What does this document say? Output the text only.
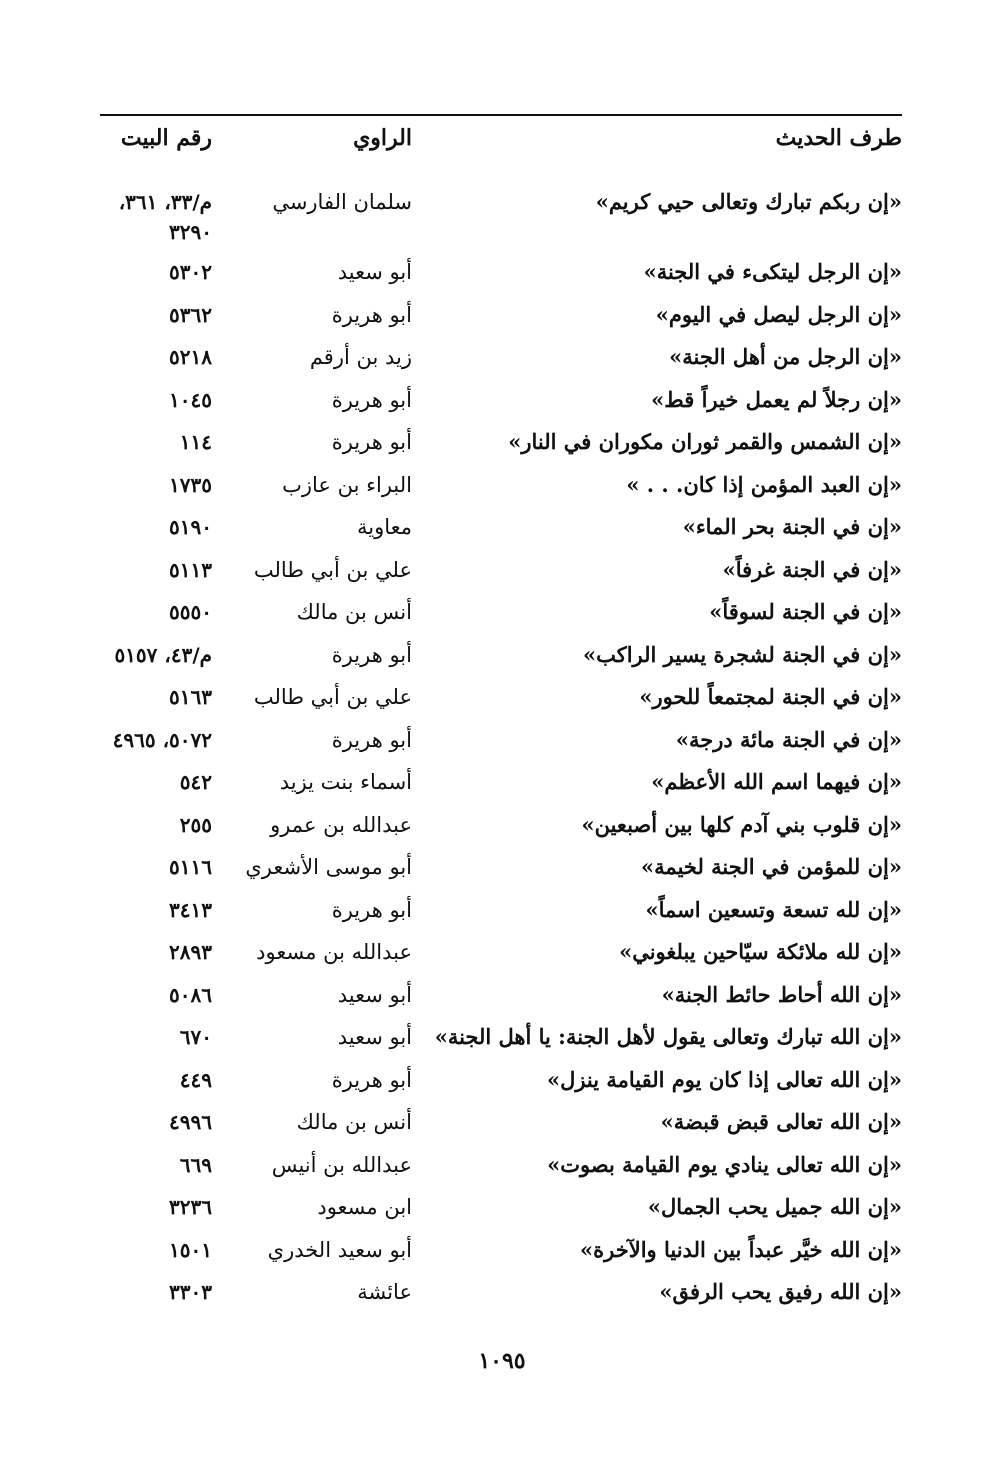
طرف الحديث
الراوي
رقم البيت
«إن ربكم تبارك وتعالى حيي كريم»
سلمان الفارسي
م/٣٣، ٣٦١، ٣٢٩٠
«إن الرجل ليتكىء في الجنة»
أبو سعيد
٥٣٠٢
«إن الرجل ليصل في اليوم»
أبو هريرة
٥٣٦٢
«إن الرجل من أهل الجنة»
زيد بن أرقم
٥٢١٨
«إن رجلاً لم يعمل خيراً قط»
أبو هريرة
١٠٤٥
«إن الشمس والقمر ثوران مكوران في النار»
أبو هريرة
١١٤
«إن العبد المؤمن إذا كان. . . »
البراء بن عازب
١٧٣٥
«إن في الجنة بحر الماء»
معاوية
٥١٩٠
«إن في الجنة غرفاً»
علي بن أبي طالب
٥١١٣
«إن في الجنة لسوقاً»
أنس بن مالك
٥٥٥٠
«إن في الجنة لشجرة يسير الراكب»
أبو هريرة
م/٤٣، ٥١٥٧
«إن في الجنة لمجتمعاً للحور»
علي بن أبي طالب
٥١٦٣
«إن في الجنة مائة درجة»
أبو هريرة
٥٠٧٢، ٤٩٦٥
«إن فيهما اسم الله الأعظم»
أسماء بنت يزيد
٥٤٢
«إن قلوب بني آدم كلها بين أصبعين»
عبدالله بن عمرو
٢٥٥
«إن للمؤمن في الجنة لخيمة»
أبو موسى الأشعري
٥١١٦
«إن لله تسعة وتسعين اسماً»
أبو هريرة
٣٤١٣
«إن لله ملائكة سيّاحين يبلغوني»
عبدالله بن مسعود
٢٨٩٣
«إن الله أحاط حائط الجنة»
أبو سعيد
٥٠٨٦
«إن الله تبارك وتعالى يقول لأهل الجنة: يا أهل الجنة»
أبو سعيد
٦٧٠
«إن الله تعالى إذا كان يوم القيامة ينزل»
أبو هريرة
٤٤٩
«إن الله تعالى قبض قبضة»
أنس بن مالك
٤٩٩٦
«إن الله تعالى ينادي يوم القيامة بصوت»
عبدالله بن أنيس
٦٦٩
«إن الله جميل يحب الجمال»
ابن مسعود
٣٢٣٦
«إن الله خيَّر عبداً بين الدنيا والآخرة»
أبو سعيد الخدري
١٥٠١
«إن الله رفيق يحب الرفق»
عائشة
٣٣٠٣
١٠٩٥
